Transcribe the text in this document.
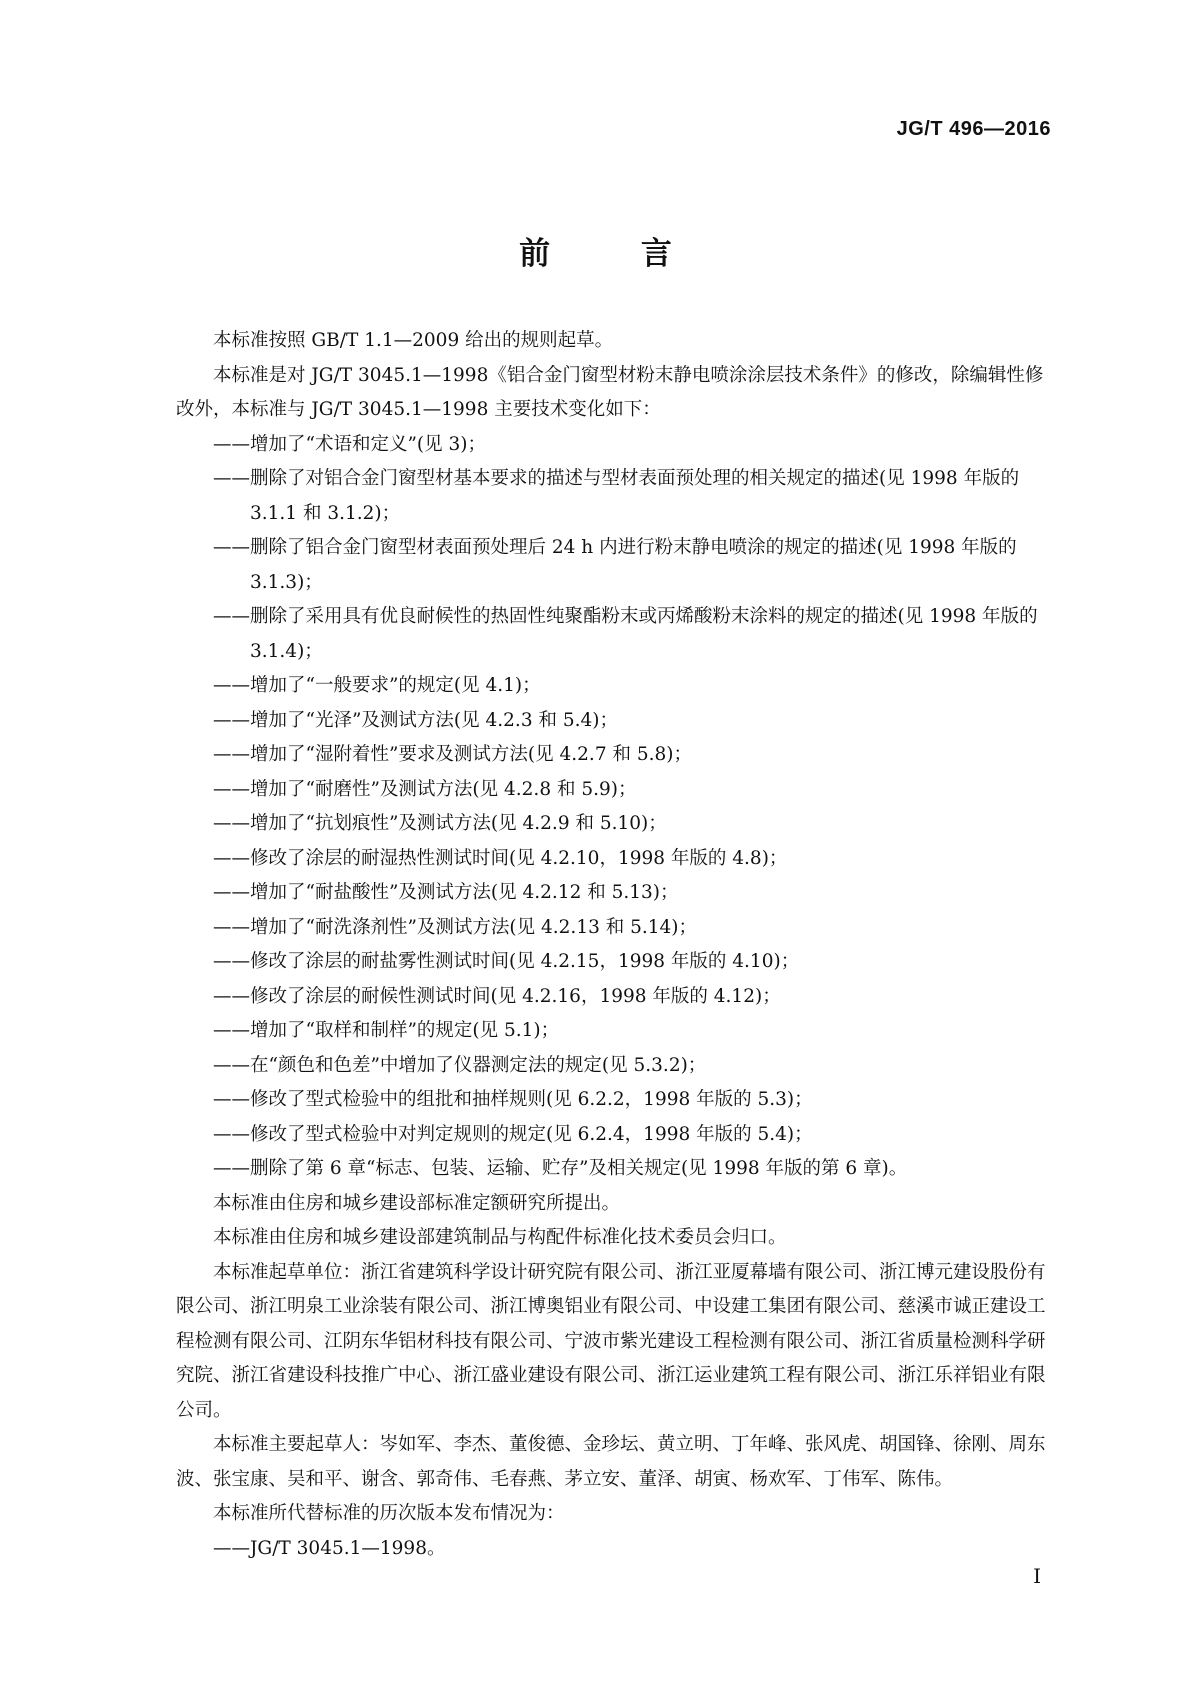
JG/T 496—2016
前 言

本标准按照 GB/T 1.1—2009 给出的规则起草。

本标准是对 JG/T 3045.1—1998《铝合金门窗型材粉末静电喷涂涂层技术条件》的修改，除编辑性修改外，本标准与 JG/T 3045.1—1998 主要技术变化如下：

——增加了“术语和定义”(见 3)；

——删除了对铝合金门窗型材基本要求的描述与型材表面预处理的相关规定的描述(见 1998 年版的 3.1.1 和 3.1.2)；

——删除了铝合金门窗型材表面预处理后 24 h 内进行粉末静电喷涂的规定的描述(见 1998 年版的 3.1.3)；

——删除了采用具有优良耐候性的热固性纯聚酯粉末或丙烯酸粉末涂料的规定的描述(见 1998 年版的 3.1.4)；

——增加了“一般要求”的规定(见 4.1)；

——增加了“光泽”及测试方法(见 4.2.3 和 5.4)；

——增加了“湿附着性”要求及测试方法(见 4.2.7 和 5.8)；

——增加了“耐磨性”及测试方法(见 4.2.8 和 5.9)；

——增加了“抗划痕性”及测试方法(见 4.2.9 和 5.10)；

——修改了涂层的耐湿热性测试时间(见 4.2.10，1998 年版的 4.8)；

——增加了“耐盐酸性”及测试方法(见 4.2.12 和 5.13)；

——增加了“耐洗涤剂性”及测试方法(见 4.2.13 和 5.14)；

——修改了涂层的耐盐雾性测试时间(见 4.2.15，1998 年版的 4.10)；

——修改了涂层的耐候性测试时间(见 4.2.16，1998 年版的 4.12)；

——增加了“取样和制样”的规定(见 5.1)；

——在“颜色和色差”中增加了仪器测定法的规定(见 5.3.2)；

——修改了型式检验中的组批和抽样规则(见 6.2.2，1998 年版的 5.3)；

——修改了型式检验中对判定规则的规定(见 6.2.4，1998 年版的 5.4)；

——删除了第 6 章“标志、包装、运输、贮存”及相关规定(见 1998 年版的第 6 章)。

本标准由住房和城乡建设部标准定额研究所提出。

本标准由住房和城乡建设部建筑制品与构配件标准化技术委员会归口。

本标准起草单位：浙江省建筑科学设计研究院有限公司、浙江亚厦幕墙有限公司、浙江博元建设股份有限公司、浙江明泉工业涂装有限公司、浙江博奥铝业有限公司、中设建工集团有限公司、慈溪市诚正建设工程检测有限公司、江阴东华铝材科技有限公司、宁波市紫光建设工程检测有限公司、浙江省质量检测科学研究院、浙江省建设科技推广中心、浙江盛业建设有限公司、浙江运业建筑工程有限公司、浙江乐祥铝业有限公司。

本标准主要起草人：岑如军、李杰、董俊德、金珍坛、黄立明、丁年峰、张风虎、胡国锋、徐刚、周东波、张宝康、吴和平、谢含、郭奇伟、毛春燕、茅立安、董泽、胡寅、杨欢军、丁伟军、陈伟。

本标准所代替标准的历次版本发布情况为：

——JG/T 3045.1—1998。

I
